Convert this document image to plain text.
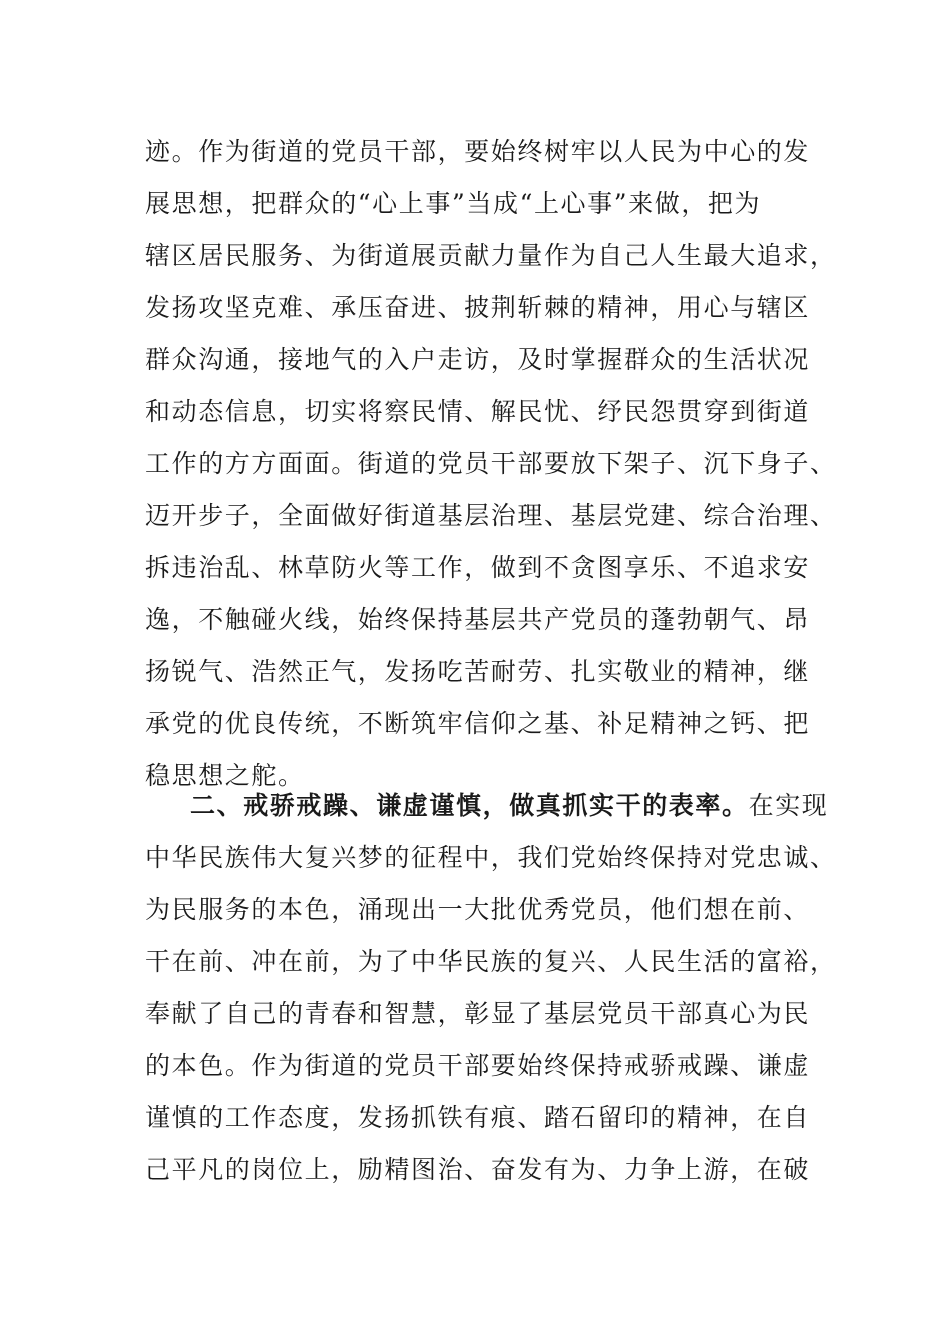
迹。作为街道的党员干部，要始终树牢以人民为中心的发
展思想，把群众的“心上事”当成“上心事”来做，把为
辖区居民服务、为街道展贡献力量作为自己人生最大追求，
发扬攻坚克难、承压奋进、披荆斩棘的精神，用心与辖区
群众沟通，接地气的入户走访，及时掌握群众的生活状况
和动态信息，切实将察民情、解民忧、纾民怨贯穿到街道
工作的方方面面。街道的党员干部要放下架子、沉下身子、
迈开步子，全面做好街道基层治理、基层党建、综合治理、
拆违治乱、林草防火等工作，做到不贪图享乐、不追求安
逸，不触碰火线，始终保持基层共产党员的蓬勃朝气、昂
扬锐气、浩然正气，发扬吃苦耐劳、扎实敬业的精神，继
承党的优良传统，不断筑牢信仰之基、补足精神之钙、把
稳思想之舵。
二、戒骄戒躁、谦虚谨慎，做真抓实干的表率。在实现
中华民族伟大复兴梦的征程中，我们党始终保持对党忠诚、
为民服务的本色，涌现出一大批优秀党员，他们想在前、
干在前、冲在前，为了中华民族的复兴、人民生活的富裕，
奉献了自己的青春和智慧，彰显了基层党员干部真心为民
的本色。作为街道的党员干部要始终保持戒骄戒躁、谦虚
谨慎的工作态度，发扬抓铁有痕、踏石留印的精神，在自
己平凡的岗位上，励精图治、奋发有为、力争上游，在破
